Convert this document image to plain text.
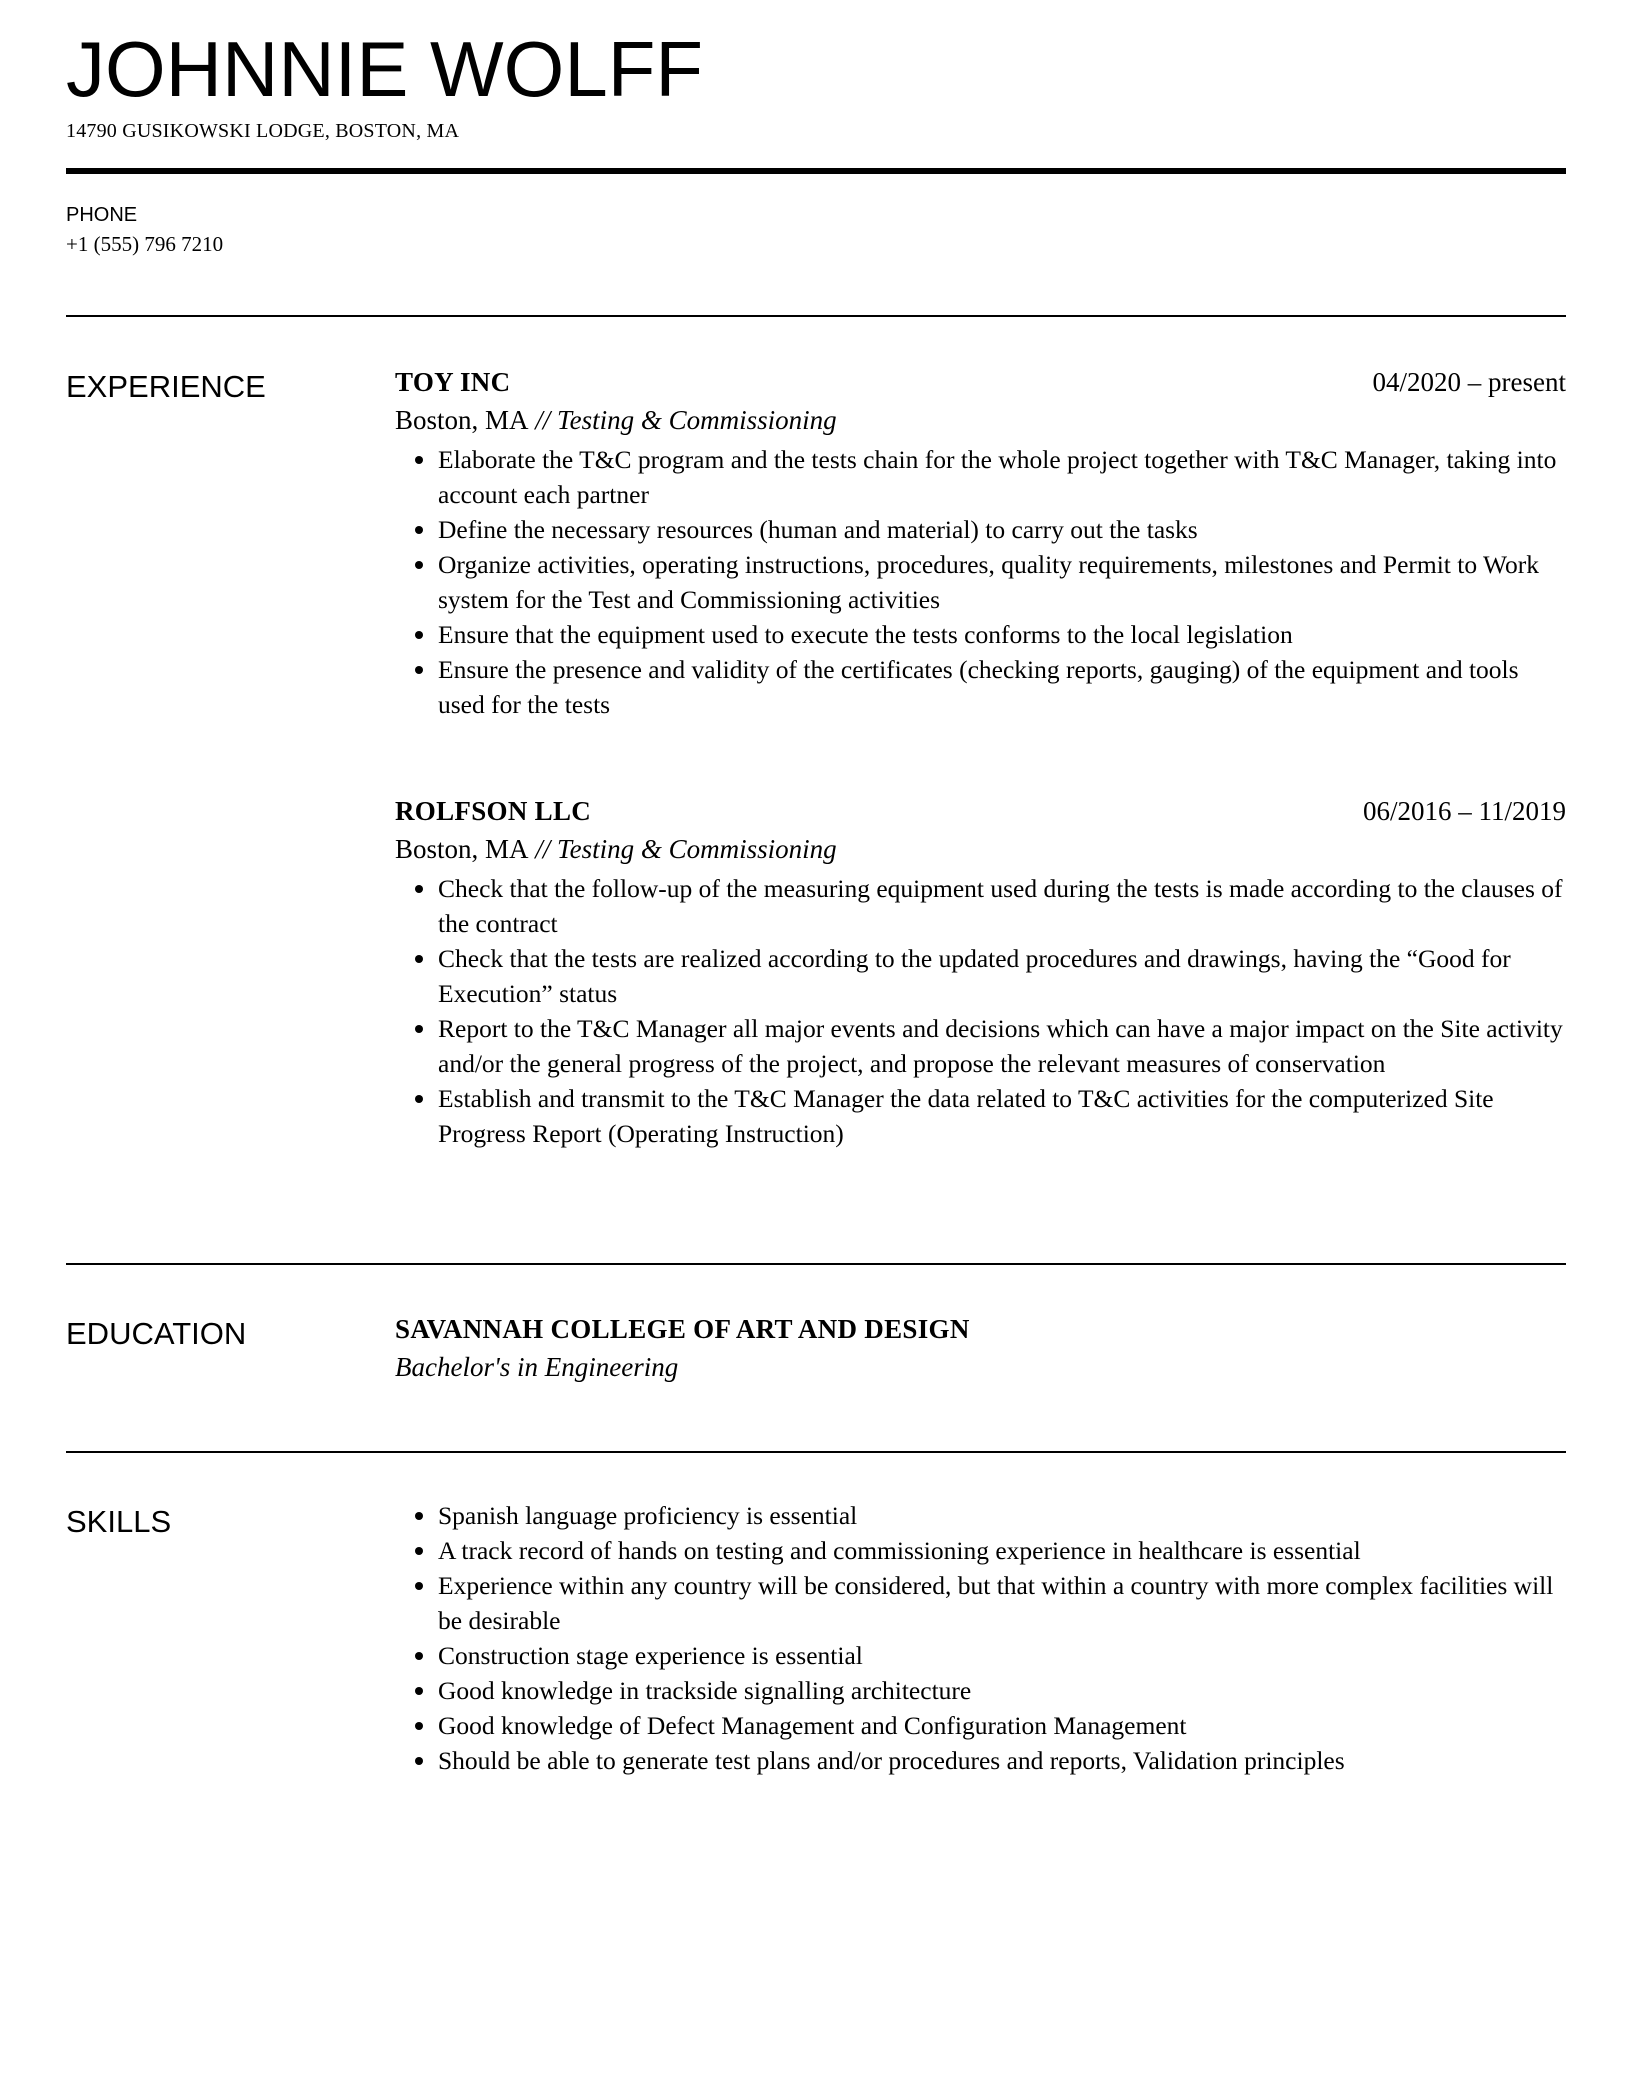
JOHNNIE WOLFF
14790 GUSIKOWSKI LODGE, BOSTON, MA
PHONE
+1 (555) 796 7210
EXPERIENCE	TOY INC	04/2020 – present
Boston, MA // Testing & Commissioning
Elaborate the T&C program and the tests chain for the whole project together with T&C Manager, taking into account each partner
Define the necessary resources (human and material) to carry out the tasks
Organize activities, operating instructions, procedures, quality requirements, milestones and Permit to Work system for the Test and Commissioning activities
Ensure that the equipment used to execute the tests conforms to the local legislation
Ensure the presence and validity of the certificates (checking reports, gauging) of the equipment and tools used for the tests
ROLFSON LLC	06/2016 – 11/2019
Boston, MA // Testing & Commissioning
Check that the follow-up of the measuring equipment used during the tests is made according to the clauses of the contract
Check that the tests are realized according to the updated procedures and drawings, having the “Good for Execution” status
Report to the T&C Manager all major events and decisions which can have a major impact on the Site activity and/or the general progress of the project, and propose the relevant measures of conservation
Establish and transmit to the T&C Manager the data related to T&C activities for the computerized Site Progress Report (Operating Instruction)
EDUCATION	SAVANNAH COLLEGE OF ART AND DESIGN
Bachelor's in Engineering
SKILLS	Spanish language proficiency is essential
A track record of hands on testing and commissioning experience in healthcare is essential
Experience within any country will be considered, but that within a country with more complex facilities will be desirable
Construction stage experience is essential
Good knowledge in trackside signalling architecture
Good knowledge of Defect Management and Configuration Management
Should be able to generate test plans and/or procedures and reports, Validation principles
